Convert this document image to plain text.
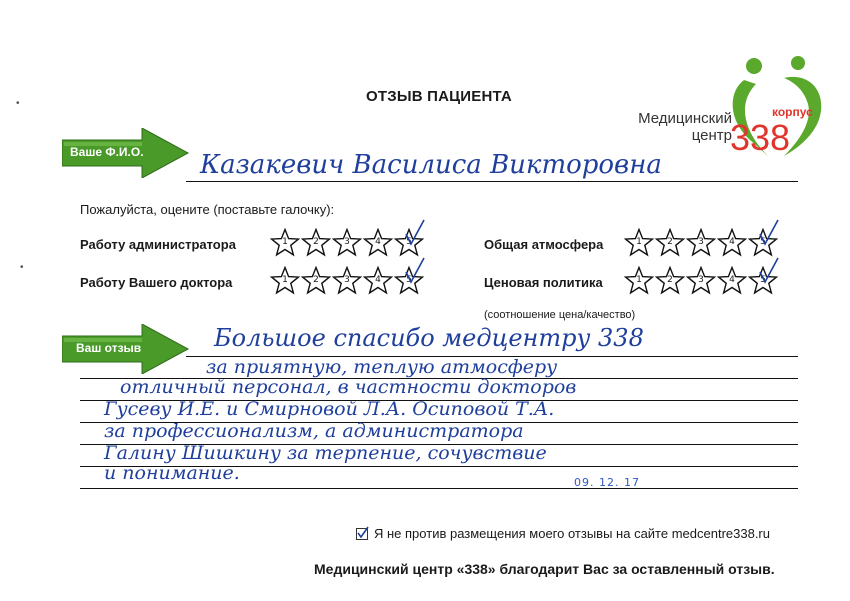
ОТЗЫВ ПАЦИЕНТА
Медицинский
центр
корпус
338
Ваше Ф.И.О. Казакевич Василиса Викторовна
Пожалуйста, оцените (поставьте галочку):
Работу администратора	1	2	3	4	5
Работу Вашего доктора	1	2	3	4	5
Общая атмосфера	1	2	3	4	5
Ценовая политика	1	2	3	4	5
(соотношение цена/качество)
Ваш отзыв	Большое спасибо медцентру 338
за приятную, теплую атмосферу
отличный персонал, в частности докторов
Гусеву И.Е. и Смирновой Л.А. Осиповой Т.А.
за профессионализм, а администратора
Галину Шишкину за терпение, сочувствие
и понимание.	09. 12. 17
Я не против размещения моего отзывы на сайте medcentre338.ru
Медицинский центр «338» благодарит Вас за оставленный отзыв.
•
•
